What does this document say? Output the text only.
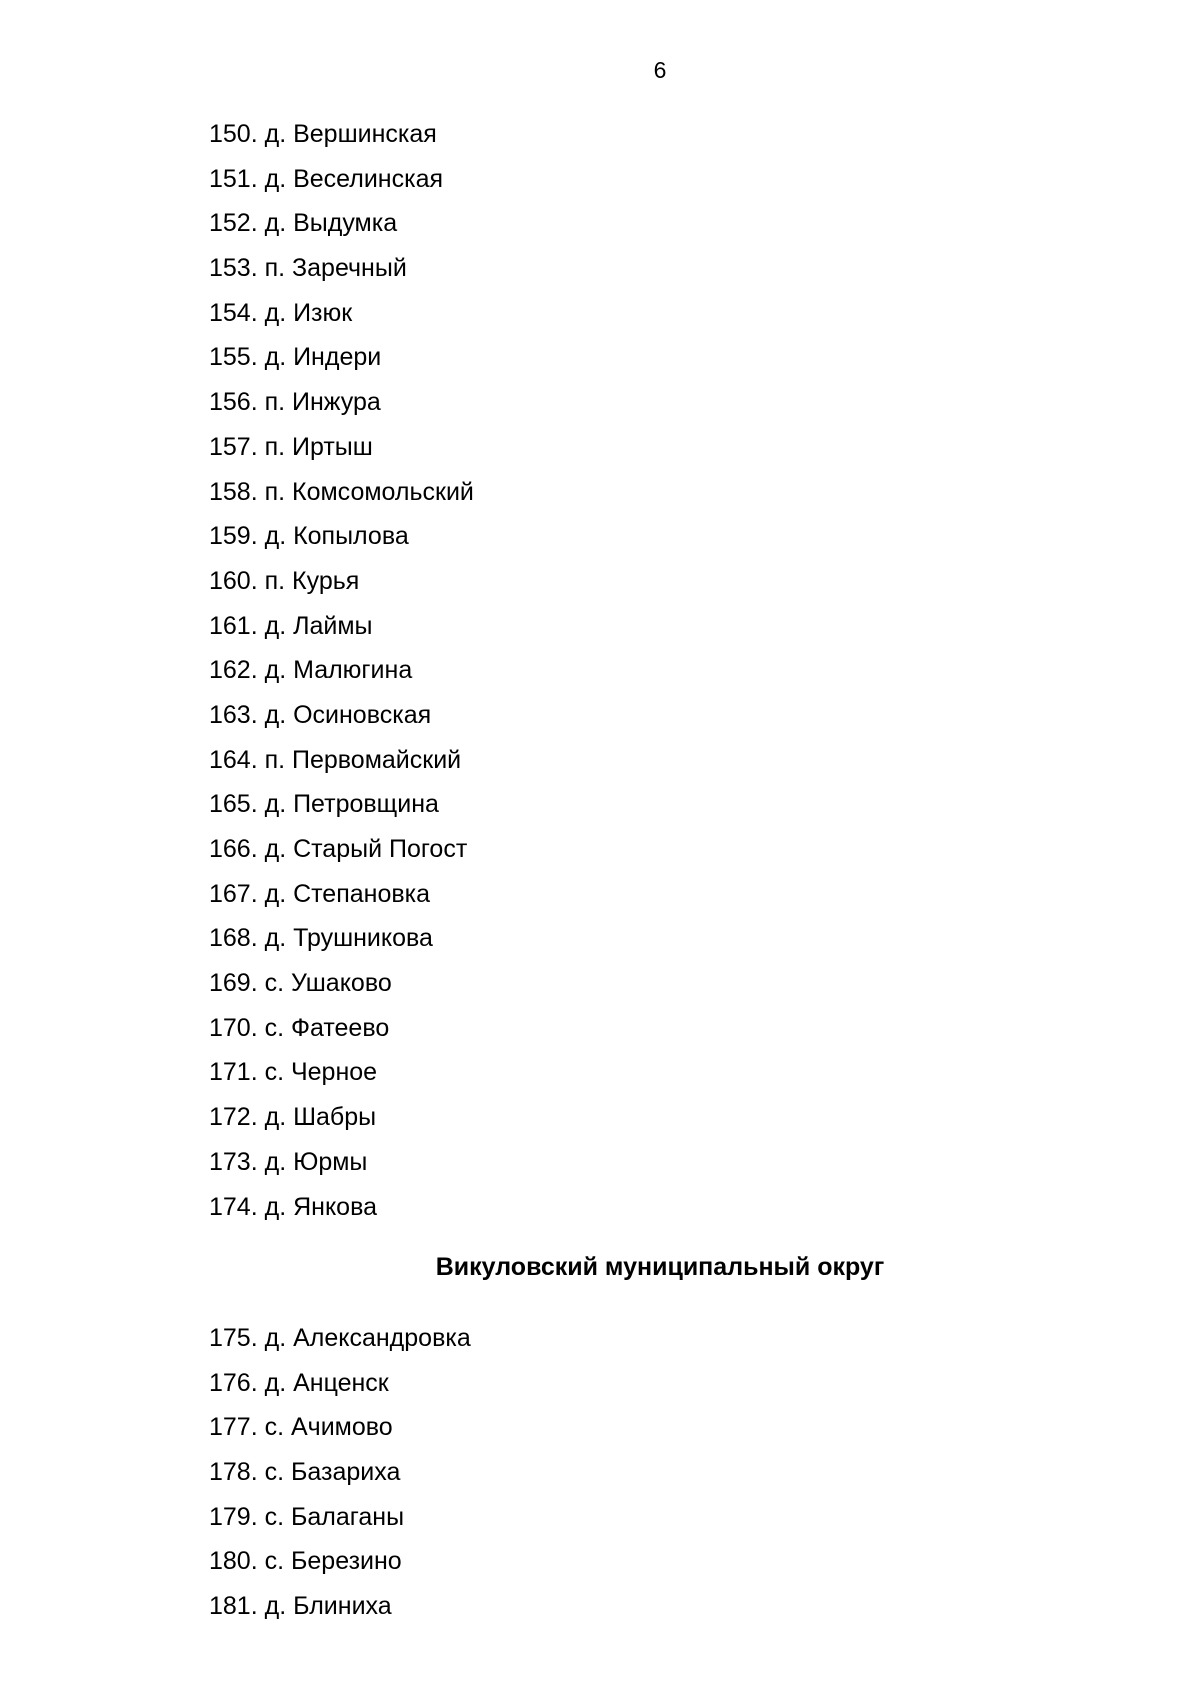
6
150. д. Вершинская
151. д. Веселинская
152. д. Выдумка
153. п. Заречный
154. д. Изюк
155. д. Индери
156. п. Инжура
157. п. Иртыш
158. п. Комсомольский
159. д. Копылова
160. п. Курья
161. д. Лаймы
162. д. Малюгина
163. д. Осиновская
164. п. Первомайский
165. д. Петровщина
166. д. Старый Погост
167. д. Степановка
168. д. Трушникова
169. с. Ушаково
170. с. Фатеево
171. с. Черное
172. д. Шабры
173. д. Юрмы
174. д. Янкова
Викуловский муниципальный округ
175. д. Александровка
176. д. Анценск
177. с. Ачимово
178. с. Базариха
179. с. Балаганы
180. с. Березино
181. д. Блиниха
